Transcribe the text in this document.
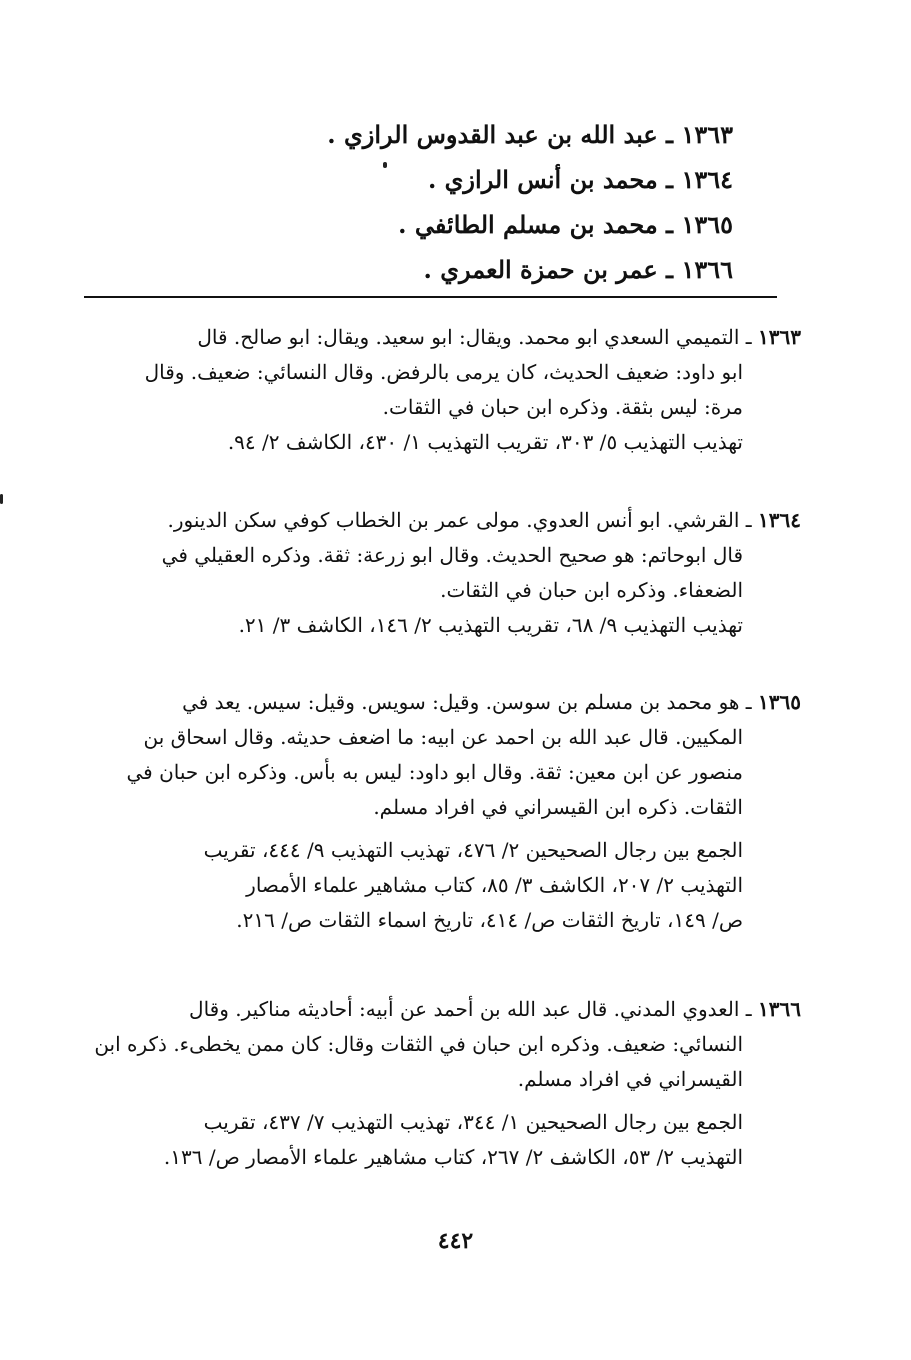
١٣٦٣ ـ عبد الله بن عبد القدوس الرازي .
١٣٦٤ ـ محمد بن أنس الرازي .
١٣٦٥ ـ محمد بن مسلم الطائفي .
١٣٦٦ ـ عمر بن حمزة العمري .
١٣٦٣ ـ التميمي السعدي ابو محمد. ويقال: ابو سعيد. ويقال: ابو صالح. قال
ابو داود: ضعيف الحديث، كان يرمى بالرفض. وقال النسائي: ضعيف. وقال
مرة: ليس بثقة. وذكره ابن حبان في الثقات.
تهذيب التهذيب ٥/ ٣٠٣، تقريب التهذيب ١/ ٤٣٠، الكاشف ٢/ ٩٤.
١٣٦٤ ـ القرشي. ابو أنس العدوي. مولى عمر بن الخطاب كوفي سكن الدينور.
قال ابوحاتم: هو صحيح الحديث. وقال ابو زرعة: ثقة. وذكره العقيلي في
الضعفاء. وذكره ابن حبان في الثقات.
تهذيب التهذيب ٩/ ٦٨، تقريب التهذيب ٢/ ١٤٦، الكاشف ٣/ ٢١.
١٣٦٥ ـ هو محمد بن مسلم بن سوسن. وقيل: سويس. وقيل: سيس. يعد في
المكيين. قال عبد الله بن احمد عن ابيه: ما اضعف حديثه. وقال اسحاق بن
منصور عن ابن معين: ثقة. وقال ابو داود: ليس به بأس. وذكره ابن حبان في
الثقات. ذكره ابن القيسراني في افراد مسلم.
الجمع بين رجال الصحيحين ٢/ ٤٧٦، تهذيب التهذيب ٩/ ٤٤٤، تقريب
التهذيب ٢/ ٢٠٧، الكاشف ٣/ ٨٥، كتاب مشاهير علماء الأمصار
ص/ ١٤٩، تاريخ الثقات ص/ ٤١٤، تاريخ اسماء الثقات ص/ ٢١٦.
١٣٦٦ ـ العدوي المدني. قال عبد الله بن أحمد عن أبيه: أحاديثه مناكير. وقال
النسائي: ضعيف. وذكره ابن حبان في الثقات وقال: كان ممن يخطىء. ذكره ابن
القيسراني في افراد مسلم.
الجمع بين رجال الصحيحين ١/ ٣٤٤، تهذيب التهذيب ٧/ ٤٣٧، تقريب
التهذيب ٢/ ٥٣، الكاشف ٢/ ٢٦٧، كتاب مشاهير علماء الأمصار ص/ ١٣٦.
٤٤٢
